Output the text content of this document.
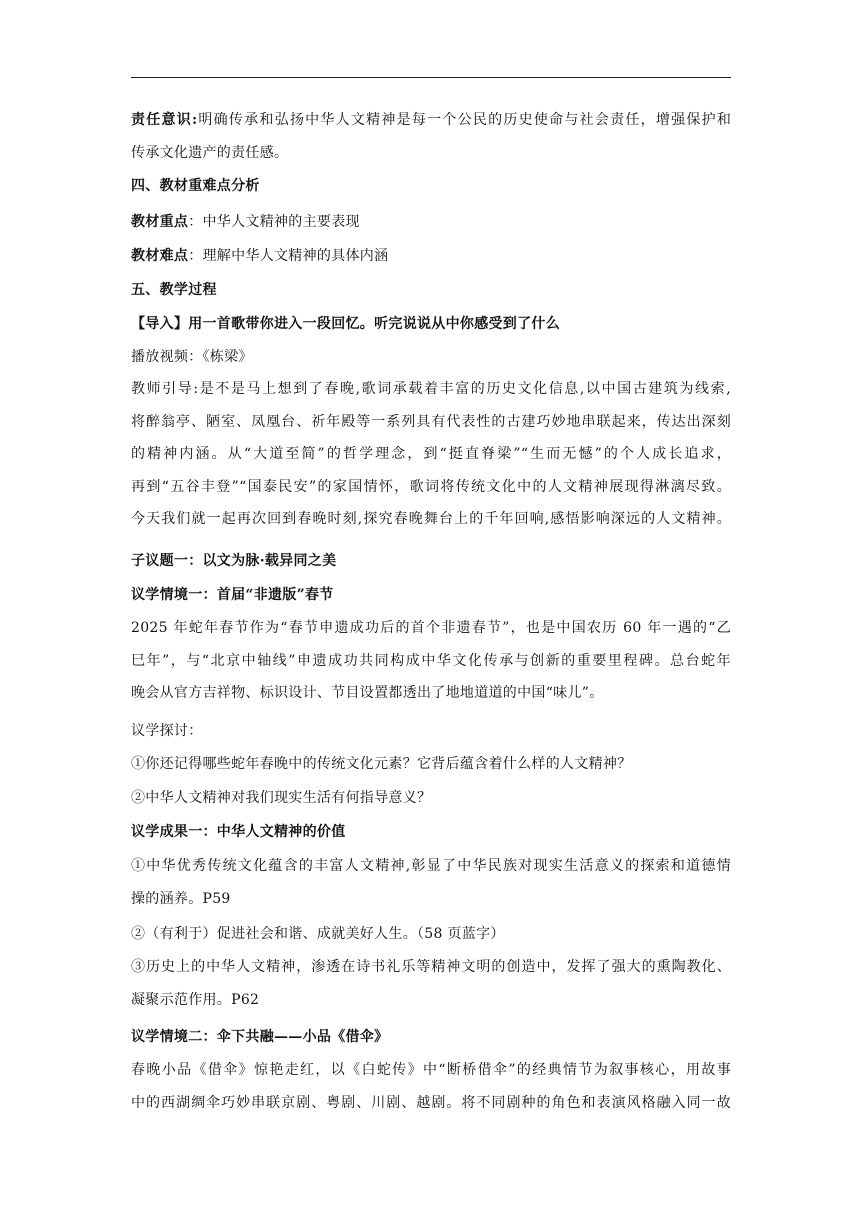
责任意识:明确传承和弘扬中华人文精神是每一个公民的历史使命与社会责任，增强保护和
传承文化遗产的责任感。
四、教材重难点分析
教材重点：中华人文精神的主要表现
教材难点：理解中华人文精神的具体内涵
五、教学过程
【导入】用一首歌带你进入一段回忆。听完说说从中你感受到了什么
播放视频：《栋梁》
教师引导:是不是马上想到了春晚,歌词承载着丰富的历史文化信息,以中国古建筑为线索,
将醉翁亭、陋室、凤凰台、祈年殿等一系列具有代表性的古建巧妙地串联起来，传达出深刻
的精神内涵。从“大道至简”的哲学理念，到“挺直脊梁”“生而无憾”的个人成长追求，
再到“五谷丰登”“国泰民安”的家国情怀，歌词将传统文化中的人文精神展现得淋漓尽致。
今天我们就一起再次回到春晚时刻,探究春晚舞台上的千年回响,感悟影响深远的人文精神。
子议题一：以文为脉·载异同之美
议学情境一：首届“非遗版”春节
2025 年蛇年春节作为“春节申遗成功后的首个非遗春节”，也是中国农历 60 年一遇的“乙
巳年”，与“北京中轴线”申遗成功共同构成中华文化传承与创新的重要里程碑。总台蛇年
晚会从官方吉祥物、标识设计、节目设置都透出了地地道道的中国“味儿”。
议学探讨：
①你还记得哪些蛇年春晚中的传统文化元素？它背后蕴含着什么样的人文精神？
②中华人文精神对我们现实生活有何指导意义？
议学成果一：中华人文精神的价值
①中华优秀传统文化蕴含的丰富人文精神,彰显了中华民族对现实生活意义的探索和道德情
操的涵养。P59
②（有利于）促进社会和谐、成就美好人生。（58 页蓝字）
③历史上的中华人文精神，渗透在诗书礼乐等精神文明的创造中，发挥了强大的熏陶教化、
凝聚示范作用。P62
议学情境二：伞下共融——小品《借伞》
春晚小品《借伞》惊艳走红，以《白蛇传》中“断桥借伞”的经典情节为叙事核心，用故事
中的西湖绸伞巧妙串联京剧、粤剧、川剧、越剧。将不同剧种的角色和表演风格融入同一故
